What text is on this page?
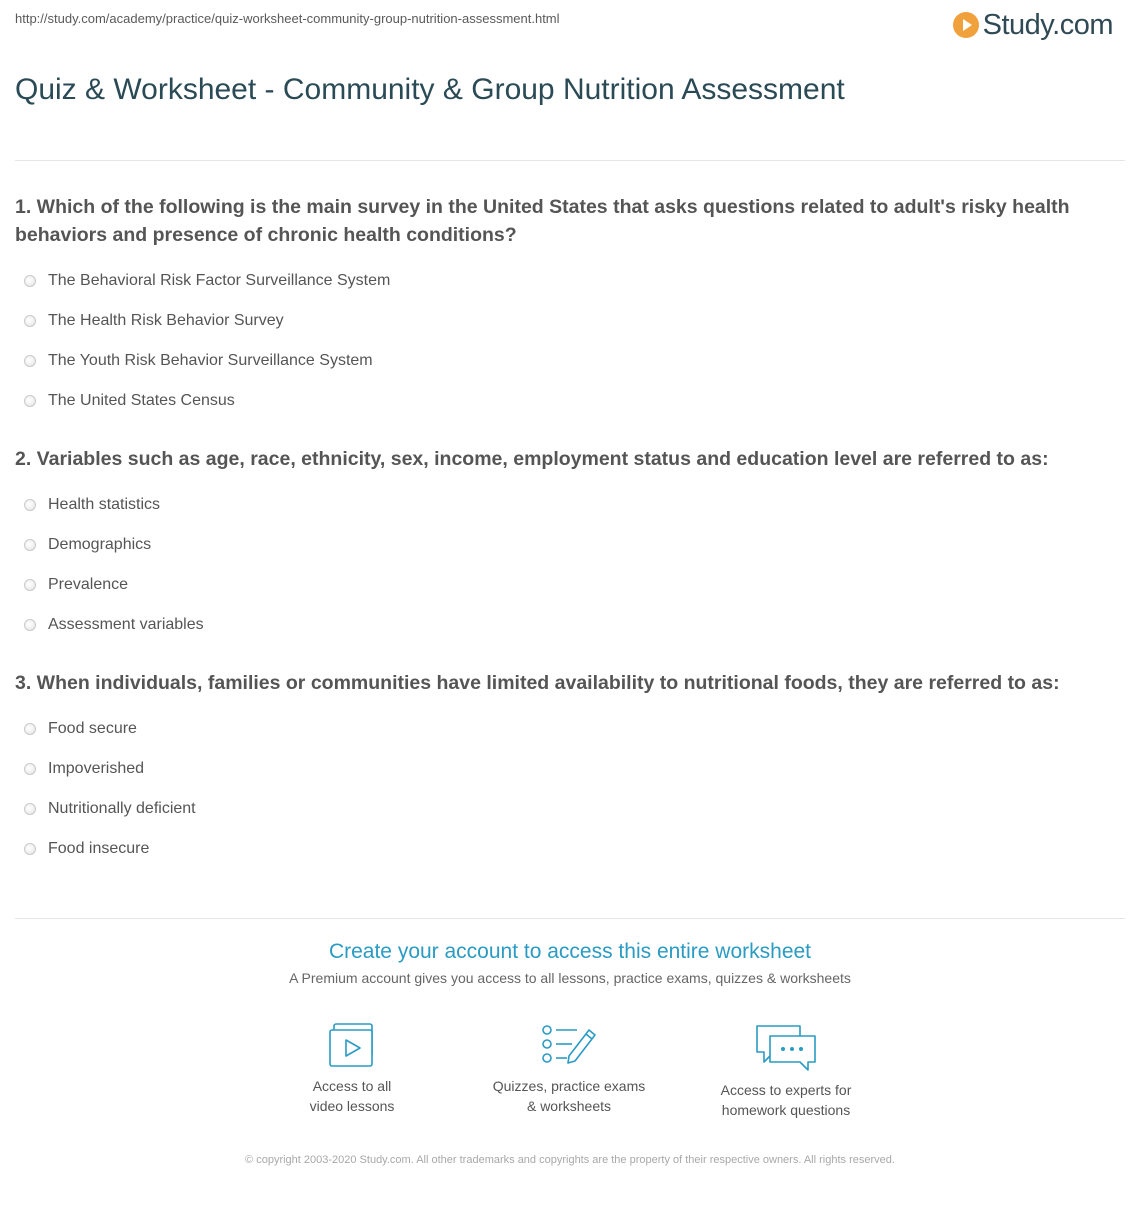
http://study.com/academy/practice/quiz-worksheet-community-group-nutrition-assessment.html	Study.com
Quiz & Worksheet - Community & Group Nutrition Assessment
1. Which of the following is the main survey in the United States that asks questions related to adult's risky health behaviors and presence of chronic health conditions?
The Behavioral Risk Factor Surveillance System
The Health Risk Behavior Survey
The Youth Risk Behavior Surveillance System
The United States Census
2. Variables such as age, race, ethnicity, sex, income, employment status and education level are referred to as:
Health statistics
Demographics
Prevalence
Assessment variables
3. When individuals, families or communities have limited availability to nutritional foods, they are referred to as:
Food secure
Impoverished
Nutritionally deficient
Food insecure
Create your account to access this entire worksheet
A Premium account gives you access to all lessons, practice exams, quizzes & worksheets
Access to all
video lessons
Quizzes, practice exams
& worksheets
Access to experts for
homework questions
© copyright 2003-2020 Study.com. All other trademarks and copyrights are the property of their respective owners. All rights reserved.
